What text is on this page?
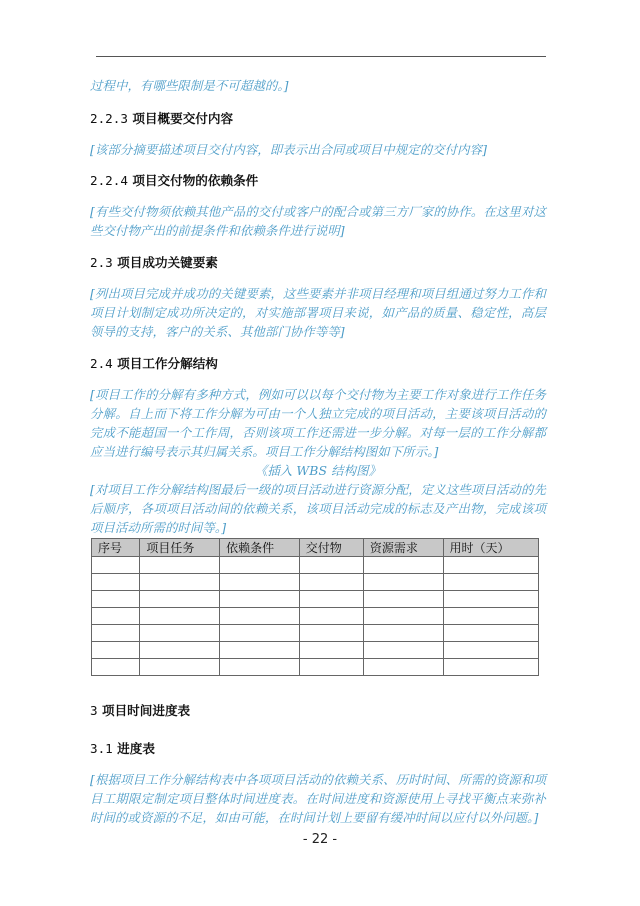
过程中，有哪些限制是不可超越的。]

2.2.3 项目概要交付内容

[该部分摘要描述项目交付内容，即表示出合同或项目中规定的交付内容]

2.2.4 项目交付物的依赖条件

[有些交付物须依赖其他产品的交付或客户的配合或第三方厂家的协作。在这里对这些交付物产出的前提条件和依赖条件进行说明]

2.3 项目成功关键要素

[列出项目完成并成功的关键要素，这些要素并非项目经理和项目组通过努力工作和项目计划制定成功所决定的，对实施部署项目来说，如产品的质量、稳定性，高层领导的支持，客户的关系、其他部门协作等等]

2.4 项目工作分解结构

[项目工作的分解有多种方式，例如可以以每个交付物为主要工作对象进行工作任务分解。自上而下将工作分解为可由一个人独立完成的项目活动，主要该项目活动的完成不能超国一个工作周，否则该项工作还需进一步分解。对每一层的工作分解都应当进行编号表示其归属关系。项目工作分解结构图如下所示。]

《插入 WBS 结构图》

[对项目工作分解结构图最后一级的项目活动进行资源分配，定义这些项目活动的先后顺序，各项项目活动间的依赖关系，该项目活动完成的标志及产出物，完成该项项目活动所需的时间等。]

序号	项目任务	依赖条件	交付物	资源需求	用时（天）

3 项目时间进度表

3.1 进度表

[根据项目工作分解结构表中各项项目活动的依赖关系、历时时间、所需的资源和项目工期限定制定项目整体时间进度表。在时间进度和资源使用上寻找平衡点来弥补时间的或资源的不足，如由可能，在时间计划上要留有缓冲时间以应付以外问题。]

- 22 -
